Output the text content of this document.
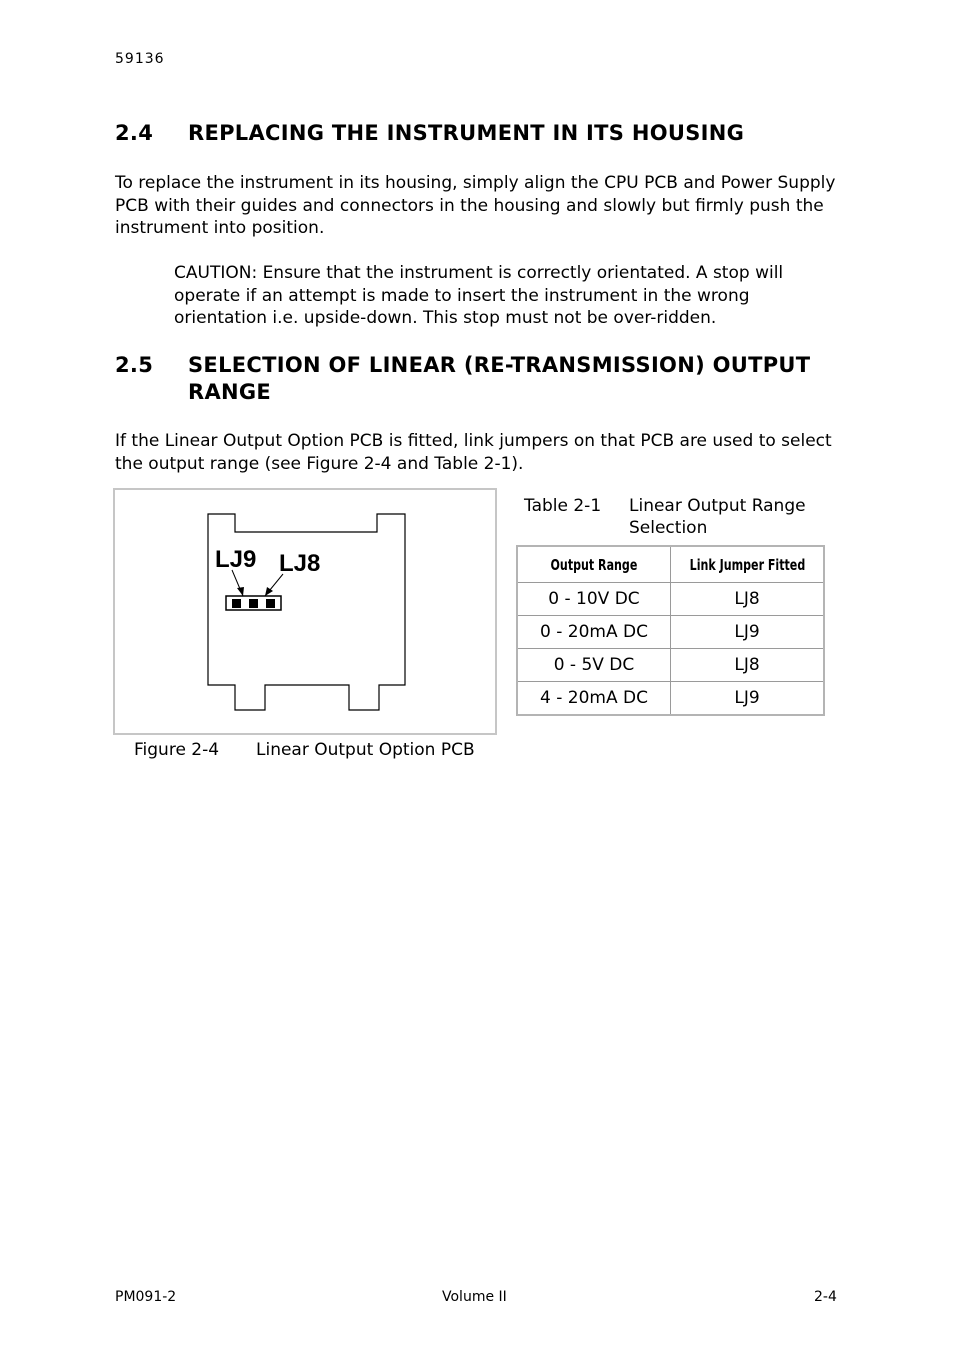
59136
2.4 REPLACING THE INSTRUMENT IN ITS HOUSING
To replace the instrument in its housing, simply align the CPU PCB and Power Supply PCB with their guides and connectors in the housing and slowly but firmly push the instrument into position.
CAUTION: Ensure that the instrument is correctly orientated. A stop will operate if an attempt is made to insert the instrument in the wrong orientation i.e. upside-down. This stop must not be over-ridden.
2.5 SELECTION OF LINEAR (RE-TRANSMISSION) OUTPUT RANGE
If the Linear Output Option PCB is fitted, link jumpers on that PCB are used to select the output range (see Figure 2-4 and Table 2-1).
LJ9 LJ8
Figure 2-4 Linear Output Option PCB
Table 2-1 Linear Output Range Selection
Output Range	Link Jumper Fitted
0 - 10V DC	LJ8
0 - 20mA DC	LJ9
0 - 5V DC	LJ8
4 - 20mA DC	LJ9
PM091-2	Volume II	2-4
